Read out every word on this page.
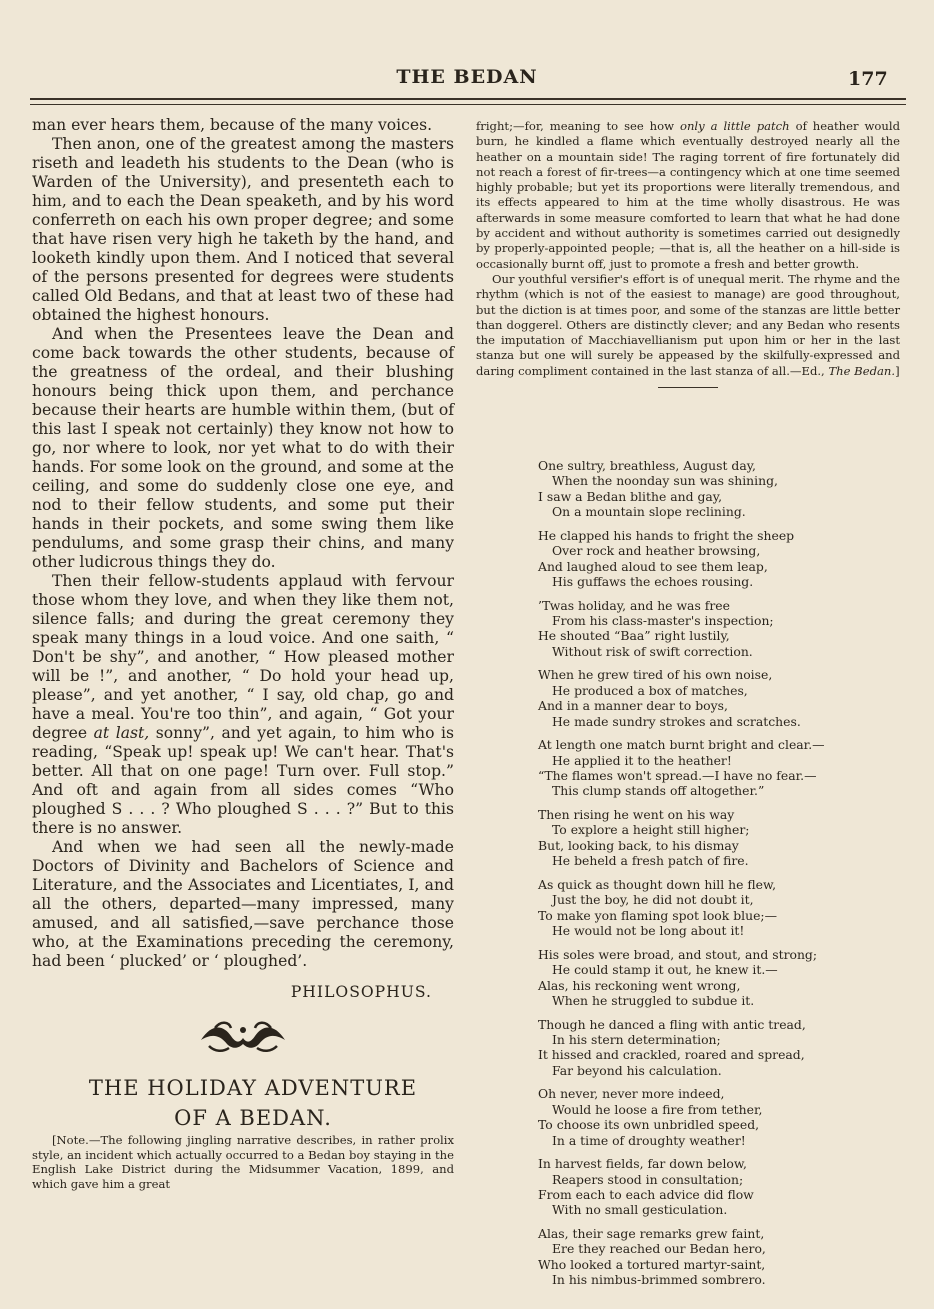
THE BEDAN	177

man ever hears them, because of the many voices.

Then anon, one of the greatest among the masters riseth and leadeth his students to the Dean (who is Warden of the University), and presenteth each to him, and to each the Dean speaketh, and by his word conferreth on each his own proper degree; and some that have risen very high he taketh by the hand, and looketh kindly upon them. And I noticed that several of the persons presented for degrees were students called Old Bedans, and that at least two of these had obtained the highest honours.

And when the Presentees leave the Dean and come back towards the other students, because of the greatness of the ordeal, and their blushing honours being thick upon them, and perchance because their hearts are humble within them, (but of this last I speak not certainly) they know not how to go, nor where to look, nor yet what to do with their hands. For some look on the ground, and some at the ceiling, and some do suddenly close one eye, and nod to their fellow students, and some put their hands in their pockets, and some swing them like pendulums, and some grasp their chins, and many other ludicrous things they do.

Then their fellow-students applaud with fervour those whom they love, and when they like them not, silence falls; and during the great ceremony they speak many things in a loud voice. And one saith, “ Don't be shy”, and another, “ How pleased mother will be !”, and another, “ Do hold your head up, please”, and yet another, “ I say, old chap, go and have a meal. You're too thin”, and again, “ Got your degree at last, sonny”, and yet again, to him who is reading, “Speak up! speak up! We can't hear. That's better. All that on one page! Turn over. Full stop.” And oft and again from all sides comes “Who ploughed S . . . ? Who ploughed S . . . ?” But to this there is no answer.

And when we had seen all the newly-made Doctors of Divinity and Bachelors of Science and Literature, and the Associates and Licentiates, I, and all the others, departed—many impressed, many amused, and all satisfied,—save perchance those who, at the Examinations preceding the ceremony, had been ‘ plucked’ or ‘ ploughed’.

PHILOSOPHUS.

THE HOLIDAY ADVENTURE

OF A BEDAN.

[Note.—The following jingling narrative describes, in rather prolix style, an incident which actually occurred to a Bedan boy staying in the English Lake District during the Midsummer Vacation, 1899, and which gave him a great

fright;—for, meaning to see how only a little patch of heather would burn, he kindled a flame which eventually destroyed nearly all the heather on a mountain side! The raging torrent of fire fortunately did not reach a forest of fir-trees—a contingency which at one time seemed highly probable; but yet its proportions were literally tremendous, and its effects appeared to him at the time wholly disastrous. He was afterwards in some measure comforted to learn that what he had done by accident and without authority is sometimes carried out designedly by properly-appointed people; —that is, all the heather on a hill-side is occasionally burnt off, just to promote a fresh and better growth.

Our youthful versifier's effort is of unequal merit. The rhyme and the rhythm (which is not of the easiest to manage) are good throughout, but the diction is at times poor, and some of the stanzas are little better than doggerel. Others are distinctly clever; and any Bedan who resents the imputation of Macchiavellianism put upon him or her in the last stanza but one will surely be appeased by the skilfully-expressed and daring compliment contained in the last stanza of all.—Ed., The Bedan.]

One sultry, breathless, August day,
When the noonday sun was shining,
I saw a Bedan blithe and gay,
On a mountain slope reclining.
He clapped his hands to fright the sheep
Over rock and heather browsing,
And laughed aloud to see them leap,
His guffaws the echoes rousing.
’Twas holiday, and he was free
From his class-master's inspection;
He shouted “Baa” right lustily,
Without risk of swift correction.
When he grew tired of his own noise,
He produced a box of matches,
And in a manner dear to boys,
He made sundry strokes and scratches.
At length one match burnt bright and clear.—
He applied it to the heather!
“The flames won't spread.—I have no fear.—
This clump stands off altogether.”
Then rising he went on his way
To explore a height still higher;
But, looking back, to his dismay
He beheld a fresh patch of fire.
As quick as thought down hill he flew,
Just the boy, he did not doubt it,
To make yon flaming spot look blue;—
He would not be long about it!
His soles were broad, and stout, and strong;
He could stamp it out, he knew it.—
Alas, his reckoning went wrong,
When he struggled to subdue it.
Though he danced a fling with antic tread,
In his stern determination;
It hissed and crackled, roared and spread,
Far beyond his calculation.
Oh never, never more indeed,
Would he loose a fire from tether,
To choose its own unbridled speed,
In a time of droughty weather!
In harvest fields, far down below,
Reapers stood in consultation;
From each to each advice did flow
With no small gesticulation.
Alas, their sage remarks grew faint,
Ere they reached our Bedan hero,
Who looked a tortured martyr-saint,
In his nimbus-brimmed sombrero.
